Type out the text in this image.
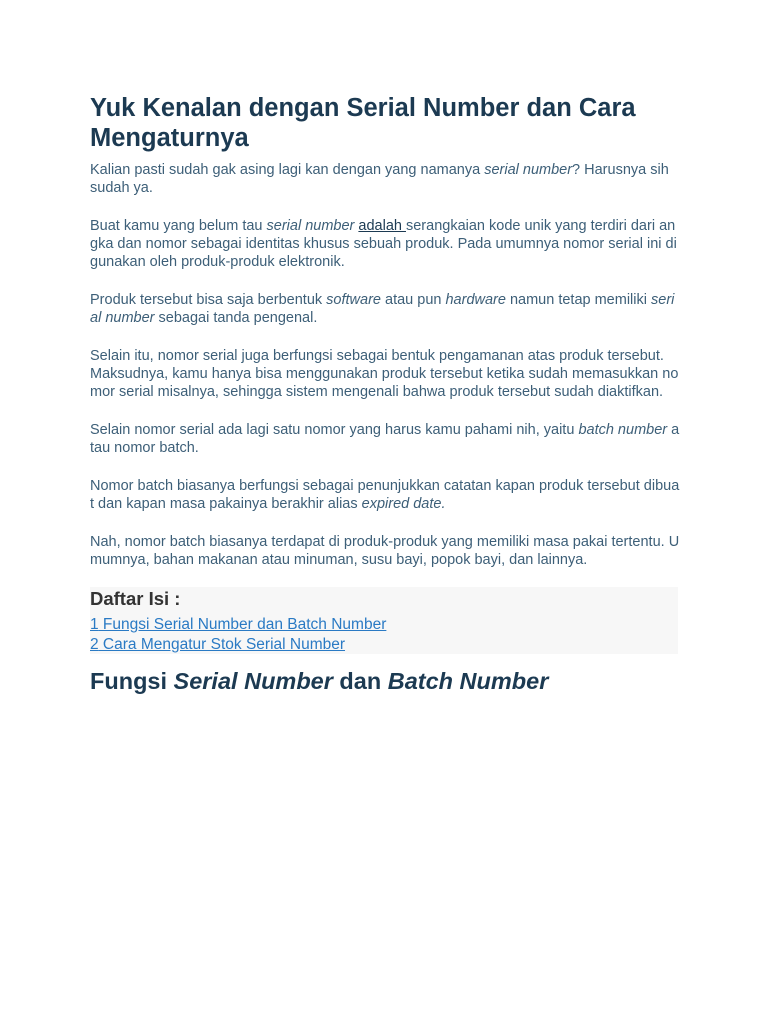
Yuk Kenalan dengan Serial Number dan Cara Mengaturnya

Kalian pasti sudah gak asing lagi kan dengan yang namanya serial number? Harusnya sih sudah ya.

Buat kamu yang belum tau serial number adalah serangkaian kode unik yang terdiri dari angka dan nomor sebagai identitas khusus sebuah produk. Pada umumnya nomor serial ini digunakan oleh produk-produk elektronik.

Produk tersebut bisa saja berbentuk software atau pun hardware namun tetap memiliki serial number sebagai tanda pengenal.

Selain itu, nomor serial juga berfungsi sebagai bentuk pengamanan atas produk tersebut. Maksudnya, kamu hanya bisa menggunakan produk tersebut ketika sudah memasukkan nomor serial misalnya, sehingga sistem mengenali bahwa produk tersebut sudah diaktifkan.

Selain nomor serial ada lagi satu nomor yang harus kamu pahami nih, yaitu batch number atau nomor batch.

Nomor batch biasanya berfungsi sebagai penunjukkan catatan kapan produk tersebut dibuat dan kapan masa pakainya berakhir alias expired date.

Nah, nomor batch biasanya terdapat di produk-produk yang memiliki masa pakai tertentu. Umumnya, bahan makanan atau minuman, susu bayi, popok bayi, dan lainnya.

Daftar Isi :
1 Fungsi Serial Number dan Batch Number
2 Cara Mengatur Stok Serial Number
Fungsi Serial Number dan Batch Number
